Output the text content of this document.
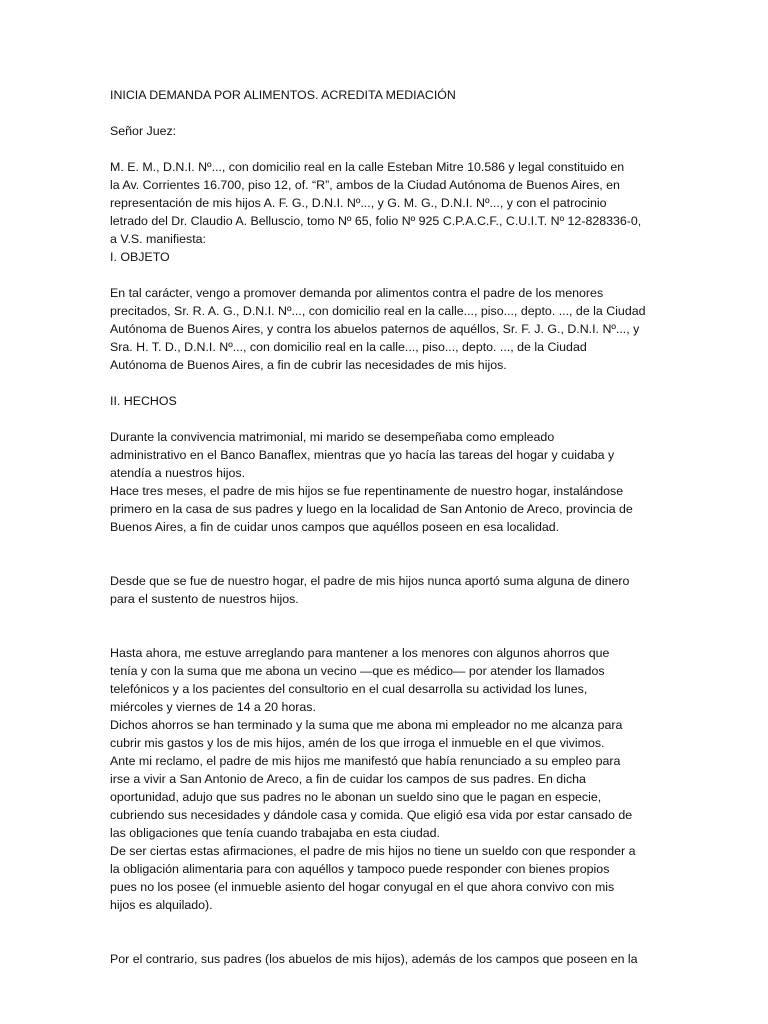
INICIA DEMANDA POR ALIMENTOS. ACREDITA MEDIACIÓN
Señor Juez:
M. E. M., D.N.I. Nº..., con domicilio real en la calle Esteban Mitre 10.586 y legal constituido en
la Av. Corrientes 16.700, piso 12, of. “R”, ambos de la Ciudad Autónoma de Buenos Aires, en
representación de mis hijos A. F. G., D.N.I. Nº..., y G. M. G., D.N.I. Nº..., y con el patrocinio
letrado del Dr. Claudio A. Belluscio, tomo Nº 65, folio Nº 925 C.P.A.C.F., C.U.I.T. Nº 12-828336-0,
a V.S. manifiesta:
I. OBJETO
En tal carácter, vengo a promover demanda por alimentos contra el padre de los menores
precitados, Sr. R. A. G., D.N.I. Nº..., con domicilio real en la calle..., piso..., depto. ..., de la Ciudad
Autónoma de Buenos Aires, y contra los abuelos paternos de aquéllos, Sr. F. J. G., D.N.I. Nº..., y
Sra. H. T. D., D.N.I. Nº..., con domicilio real en la calle..., piso..., depto. ..., de la Ciudad
Autónoma de Buenos Aires, a fin de cubrir las necesidades de mis hijos.
II. HECHOS
Durante la convivencia matrimonial, mi marido se desempeñaba como empleado
administrativo en el Banco Banaflex, mientras que yo hacía las tareas del hogar y cuidaba y
atendía a nuestros hijos.
Hace tres meses, el padre de mis hijos se fue repentinamente de nuestro hogar, instalándose
primero en la casa de sus padres y luego en la localidad de San Antonio de Areco, provincia de
Buenos Aires, a fin de cuidar unos campos que aquéllos poseen en esa localidad.
Desde que se fue de nuestro hogar, el padre de mis hijos nunca aportó suma alguna de dinero
para el sustento de nuestros hijos.
Hasta ahora, me estuve arreglando para mantener a los menores con algunos ahorros que
tenía y con la suma que me abona un vecino —que es médico— por atender los llamados
telefónicos y a los pacientes del consultorio en el cual desarrolla su actividad los lunes,
miércoles y viernes de 14 a 20 horas.
Dichos ahorros se han terminado y la suma que me abona mi empleador no me alcanza para
cubrir mis gastos y los de mis hijos, amén de los que irroga el inmueble en el que vivimos.
Ante mi reclamo, el padre de mis hijos me manifestó que había renunciado a su empleo para
irse a vivir a San Antonio de Areco, a fin de cuidar los campos de sus padres. En dicha
oportunidad, adujo que sus padres no le abonan un sueldo sino que le pagan en especie,
cubriendo sus necesidades y dándole casa y comida. Que eligió esa vida por estar cansado de
las obligaciones que tenía cuando trabajaba en esta ciudad.
De ser ciertas estas afirmaciones, el padre de mis hijos no tiene un sueldo con que responder a
la obligación alimentaria para con aquéllos y tampoco puede responder con bienes propios
pues no los posee (el inmueble asiento del hogar conyugal en el que ahora convivo con mis
hijos es alquilado).
Por el contrario, sus padres (los abuelos de mis hijos), además de los campos que poseen en la
